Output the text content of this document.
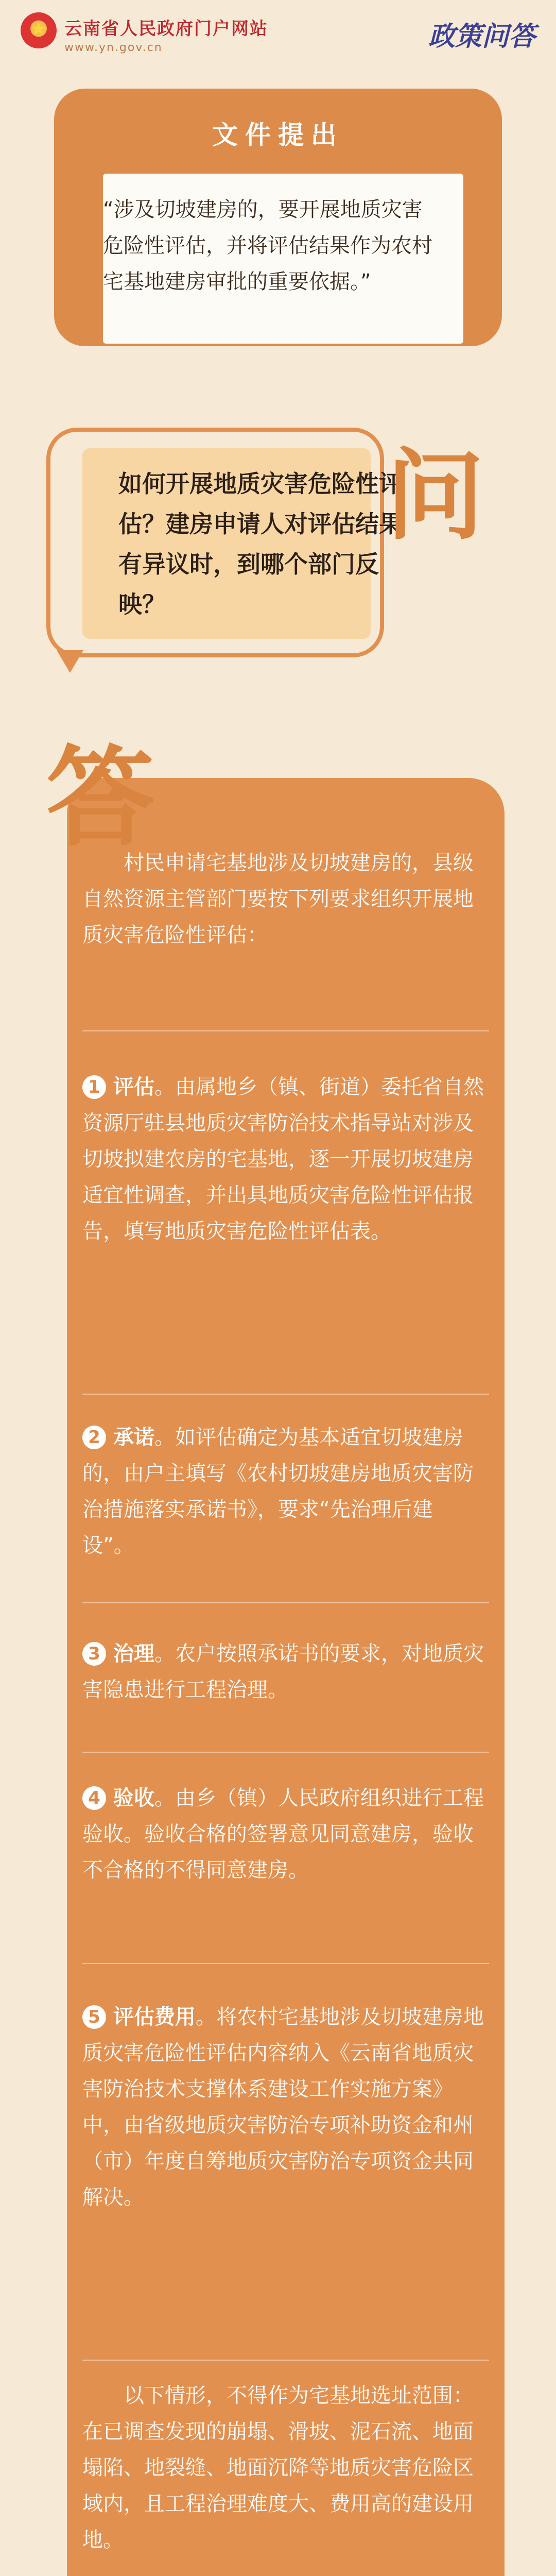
★
云南省人民政府门户网站
www.yn.gov.cn	政策问答
文件提出
“涉及切坡建房的，要开展地质灾害危险性评估，并将评估结果作为农村宅基地建房审批的重要依据。”
如何开展地质灾害危险性评估？建房申请人对评估结果有异议时，到哪个部门反映？
问
答

村民申请宅基地涉及切坡建房的，县级自然资源主管部门要按下列要求组织开展地质灾害危险性评估：

1 评估。由属地乡（镇、街道）委托省自然资源厅驻县地质灾害防治技术指导站对涉及切坡拟建农房的宅基地，逐一开展切坡建房适宜性调查，并出具地质灾害危险性评估报告，填写地质灾害危险性评估表。

2 承诺。如评估确定为基本适宜切坡建房的，由户主填写《农村切坡建房地质灾害防治措施落实承诺书》，要求“先治理后建设”。

3 治理。农户按照承诺书的要求，对地质灾害隐患进行工程治理。

4 验收。由乡（镇）人民政府组织进行工程验收。验收合格的签署意见同意建房，验收不合格的不得同意建房。

5 评估费用。将农村宅基地涉及切坡建房地质灾害危险性评估内容纳入《云南省地质灾害防治技术支撑体系建设工作实施方案》中，由省级地质灾害防治专项补助资金和州（市）年度自筹地质灾害防治专项资金共同解决。

以下情形，不得作为宅基地选址范围：在已调查发现的崩塌、滑坡、泥石流、地面塌陷、地裂缝、地面沉降等地质灾害危险区域内，且工程治理难度大、费用高的建设用地。
